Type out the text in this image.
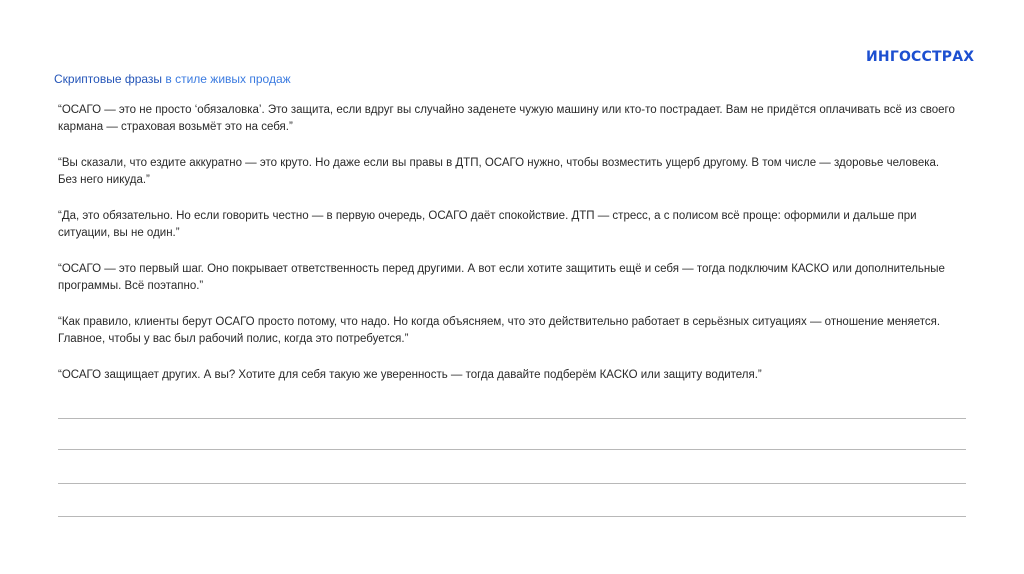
ИНГОССТРАХ
Скриптовые фразы в стиле живых продаж
“ОСАГО — это не просто ‘обязаловка’. Это защита, если вдруг вы случайно заденете чужую машину или кто-то пострадает. Вам не придётся оплачивать всё из своего кармана — страховая возьмёт это на себя.”
“Вы сказали, что ездите аккуратно — это круто. Но даже если вы правы в ДТП, ОСАГО нужно, чтобы возместить ущерб другому. В том числе — здоровье человека. Без него никуда.”
“Да, это обязательно. Но если говорить честно — в первую очередь, ОСАГО даёт спокойствие. ДТП — стресс, а с полисом всё проще: оформили и дальше при ситуации, вы не один.”
“ОСАГО — это первый шаг. Оно покрывает ответственность перед другими. А вот если хотите защитить ещё и себя — тогда подключим КАСКО или дополнительные программы. Всё поэтапно.”
“Как правило, клиенты берут ОСАГО просто потому, что надо. Но когда объясняем, что это действительно работает в серьёзных ситуациях — отношение меняется. Главное, чтобы у вас был рабочий полис, когда это потребуется.”
“ОСАГО защищает других. А вы? Хотите для себя такую же уверенность — тогда давайте подберём КАСКО или защиту водителя.”
